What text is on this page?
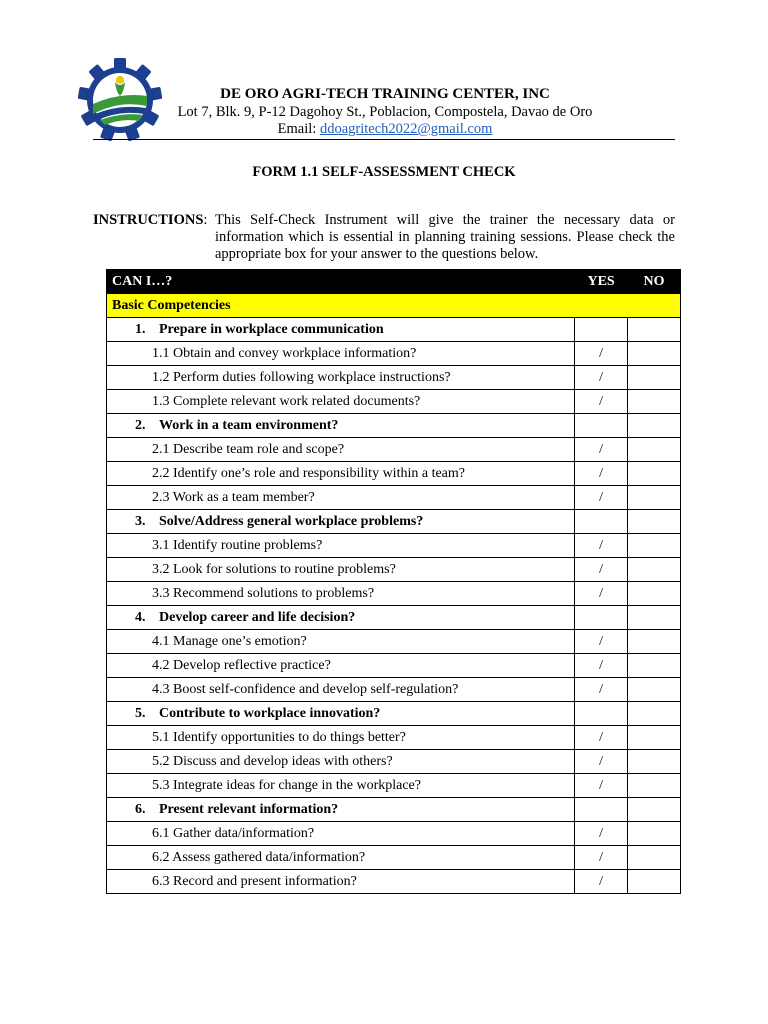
DE ORO AGRI-TECH TRAINING CENTER, INC
Lot 7, Blk. 9, P-12 Dagohoy St., Poblacion, Compostela, Davao de Oro
Email: ddoagritech2022@gmail.com
FORM 1.1 SELF-ASSESSMENT CHECK
INSTRUCTIONS: This Self-Check Instrument will give the trainer the necessary data or information which is essential in planning training sessions. Please check the appropriate box for your answer to the questions below.
CAN I…?	YES	NO
Basic Competencies		
1. Prepare in workplace communication		
1.1 Obtain and convey workplace information?	/	
1.2 Perform duties following workplace instructions?	/	
1.3 Complete relevant work related documents?	/	
2. Work in a team environment?		
2.1 Describe team role and scope?	/	
2.2 Identify one’s role and responsibility within a team?	/	
2.3 Work as a team member?	/	
3. Solve/Address general workplace problems?		
3.1 Identify routine problems?	/	
3.2 Look for solutions to routine problems?	/	
3.3 Recommend solutions to problems?	/	
4. Develop career and life decision?		
4.1 Manage one’s emotion?	/	
4.2 Develop reflective practice?	/	
4.3 Boost self-confidence and develop self-regulation?	/	
5. Contribute to workplace innovation?		
5.1 Identify opportunities to do things better?	/	
5.2 Discuss and develop ideas with others?	/	
5.3 Integrate ideas for change in the workplace?	/	
6. Present relevant information?		
6.1 Gather data/information?	/	
6.2 Assess gathered data/information?	/	
6.3 Record and present information?	/	
